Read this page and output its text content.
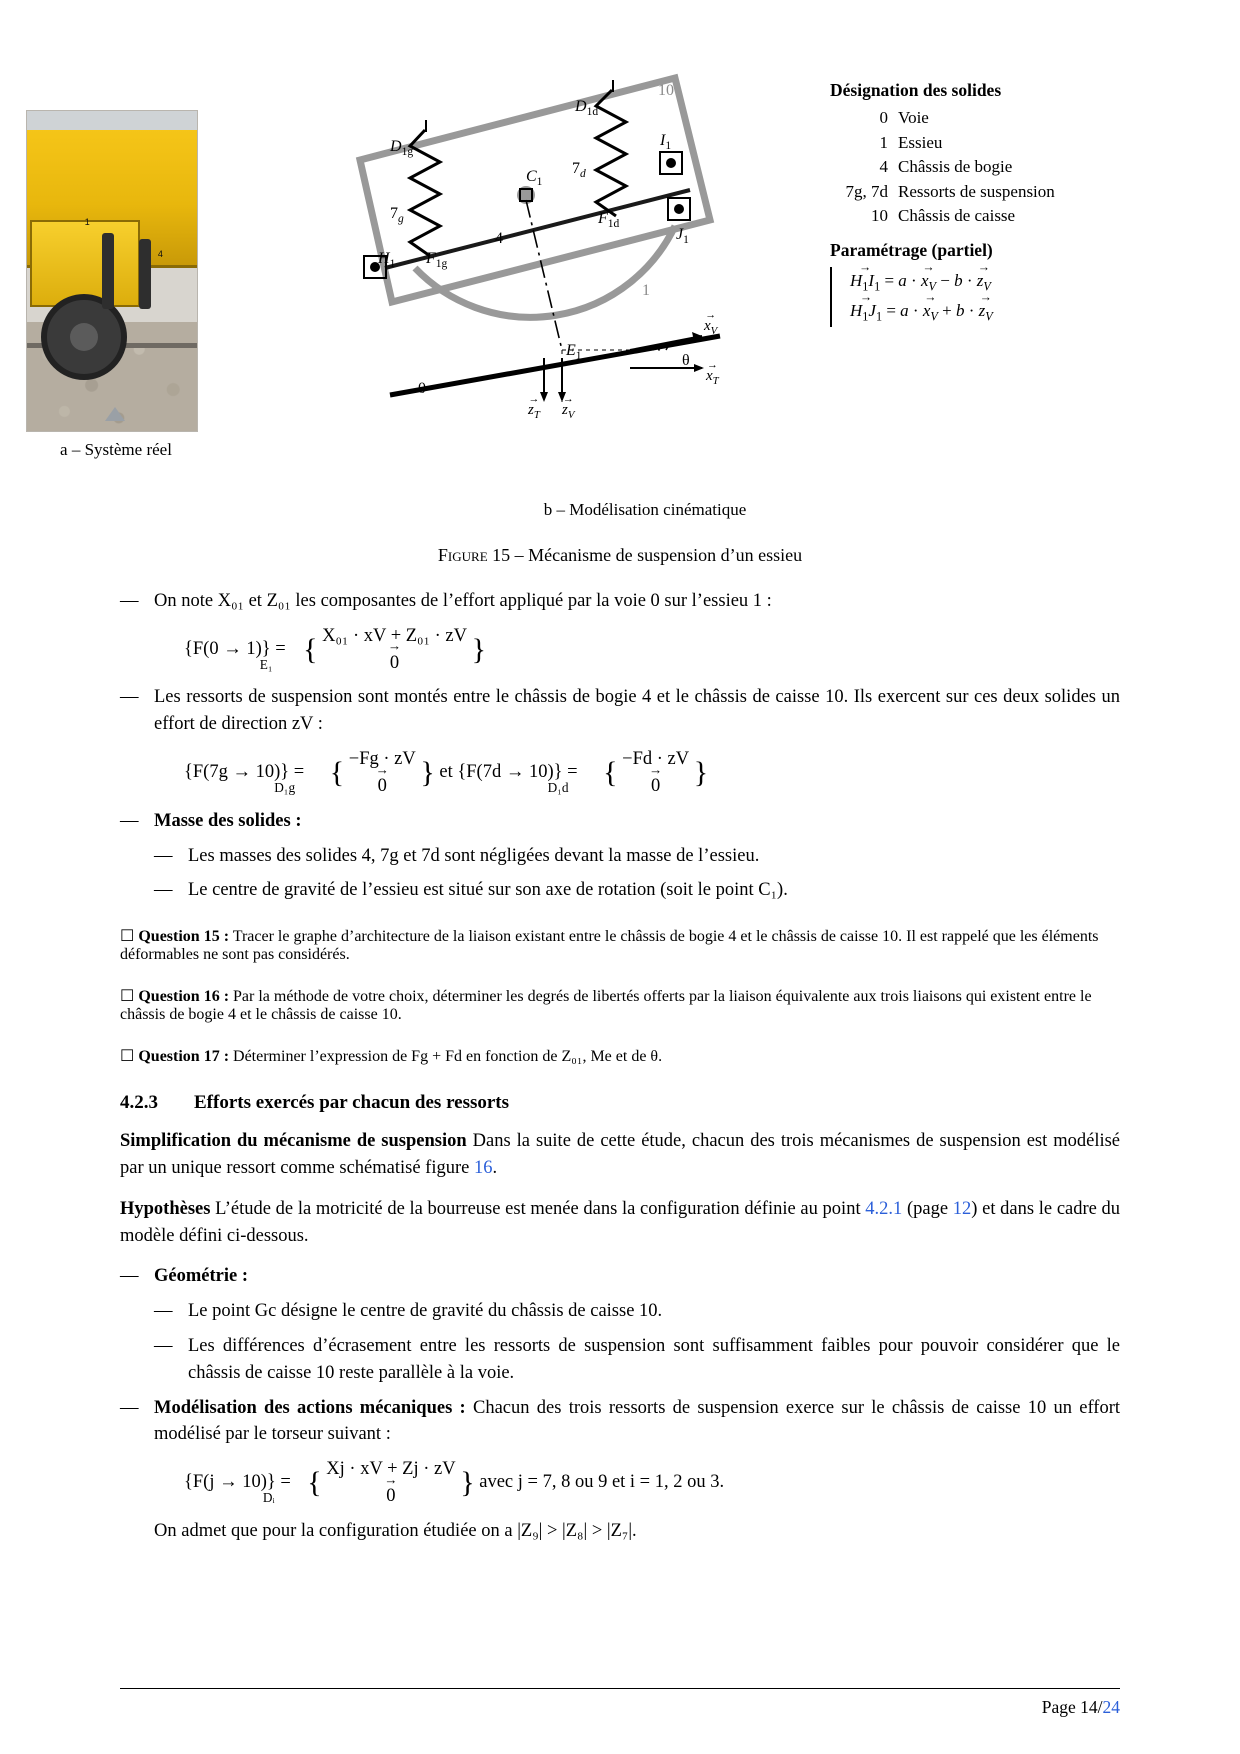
1
4
a – Système réel
$D_{1g}$
$D_{1d}$
$7_g$
$7_d$
$C_1$
$I_1$
$J_1$
$H_1$
$E_1$
$F_{1g}$
$F_{1d}$
10
4
1
0
θ
→ $x_V$
→ $x_T$
→ $z_T \to z_V$
b – Modélisation cinématique
Désignation des solides
0	Voie
1	Essieu
4	Châssis de bogie
7g, 7d	Ressorts de suspension
10	Châssis de caisse
Paramétrage (partiel)
→ $H_1I_1 = a$ · → $x_V - b$ · → $z_V$
→ $H_1J_1 = a$ · → $x_V + b$ · → $z_V$
Figure 15 – Mécanisme de suspension d’un essieu
— On note X₀₁ et Z₀₁ les composantes de l’effort appliqué par la voie 0 sur l’essieu 1 :
$\{F(0 \to 1)\} =_{E_1}$ { X₀₁ · xV + Z₀₁ · zV
→ 0	}
— Les ressorts de suspension sont montés entre le châssis de bogie 4 et le châssis de caisse 10. Ils exercent sur ces deux solides un effort de direction zV :
$\{F(7g \to 10)\} =_{D_1g}$ { −Fg · zV
→ 0	} et $\{F(7d \to 10)\} =_{D_1d}$ { −Fd · zV
→ 0	}
— Masse des solides :
— Les masses des solides 4, 7g et 7d sont négligées devant la masse de l’essieu.
— Le centre de gravité de l’essieu est situé sur son axe de rotation (soit le point C₁).
☐ Question 15 : Tracer le graphe d’architecture de la liaison existant entre le châssis de bogie 4 et le châssis de caisse 10. Il est rappelé que les éléments déformables ne sont pas considérés.
☐ Question 16 : Par la méthode de votre choix, déterminer les degrés de libertés offerts par la liaison équivalente aux trois liaisons qui existent entre le châssis de bogie 4 et le châssis de caisse 10.
☐ Question 17 : Déterminer l’expression de Fg + Fd en fonction de Z₀₁, Me et de θ.
4.2.3 Efforts exercés par chacun des ressorts
Simplification du mécanisme de suspension Dans la suite de cette étude, chacun des trois mécanismes de suspension est modélisé par un unique ressort comme schématisé figure 16.
Hypothèses L’étude de la motricité de la bourreuse est menée dans la configuration définie au point 4.2.1 (page 12) et dans le cadre du modèle défini ci-dessous.
— Géométrie :
— Le point Gc désigne le centre de gravité du châssis de caisse 10.
— Les différences d’écrasement entre les ressorts de suspension sont suffisamment faibles pour pouvoir considérer que le châssis de caisse 10 reste parallèle à la voie.
— Modélisation des actions mécaniques : Chacun des trois ressorts de suspension exerce sur le châssis de caisse 10 un effort modélisé par le torseur suivant :
$\{F(j \to 10)\} =_{Dᵢ}$ { Xj · xV + Zj · zV
→ 0	} avec j = 7, 8 ou 9 et i = 1, 2 ou 3.
On admet que pour la configuration étudiée on a |Z₉| > |Z₈| > |Z₇|.
Page 14/24
